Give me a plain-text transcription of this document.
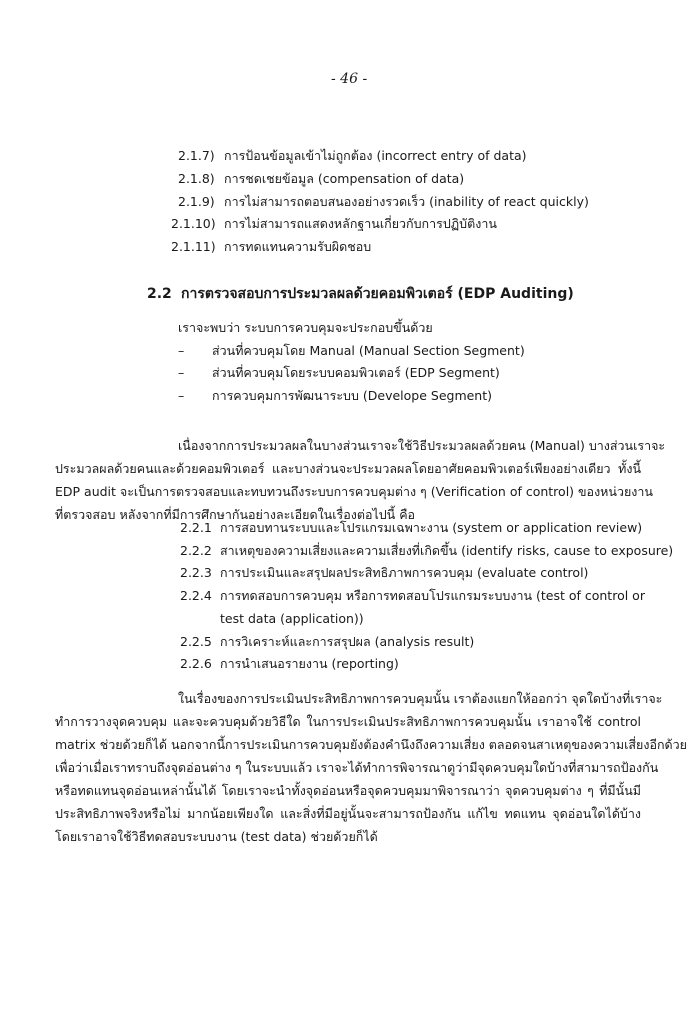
- 46 -
2.1.7) การป้อนข้อมูลเข้าไม่ถูกต้อง (incorrect entry of data)
2.1.8) การชดเชยข้อมูล (compensation of data)
2.1.9) การไม่สามารถตอบสนองอย่างรวดเร็ว (inability of react quickly)
2.1.10) การไม่สามารถแสดงหลักฐานเกี่ยวกับการปฏิบัติงาน
2.1.11) การทดแทนความรับผิดชอบ
2.2 การตรวจสอบการประมวลผลด้วยคอมพิวเตอร์ (EDP Auditing)
เราจะพบว่า ระบบการควบคุมจะประกอบขึ้นด้วย
– ส่วนที่ควบคุมโดย Manual (Manual Section Segment)
– ส่วนที่ควบคุมโดยระบบคอมพิวเตอร์ (EDP Segment)
– การควบคุมการพัฒนาระบบ (Develope Segment)
เนื่องจากการประมวลผลในบางส่วนเราจะใช้วิธีประมวลผลด้วยคน (Manual) บางส่วนเราจะ
ประมวลผลด้วยคนและด้วยคอมพิวเตอร์ และบางส่วนจะประมวลผลโดยอาศัยคอมพิวเตอร์เพียงอย่างเดียว ทั้งนี้
EDP audit จะเป็นการตรวจสอบและทบทวนถึงระบบการควบคุมต่าง ๆ (Verification of control) ของหน่วยงาน
ที่ตรวจสอบ หลังจากที่มีการศึกษากันอย่างละเอียดในเรื่องต่อไปนี้ คือ
2.2.1 การสอบทานระบบและโปรแกรมเฉพาะงาน (system or application review)
2.2.2 สาเหตุของความเสี่ยงและความเสี่ยงที่เกิดขึ้น (identify risks, cause to exposure)
2.2.3 การประเมินและสรุปผลประสิทธิภาพการควบคุม (evaluate control)
2.2.4 การทดสอบการควบคุม หรือการทดสอบโปรแกรมระบบงาน (test of control or
test data (application))
2.2.5 การวิเคราะห์และการสรุปผล (analysis result)
2.2.6 การนำเสนอรายงาน (reporting)
ในเรื่องของการประเมินประสิทธิภาพการควบคุมนั้น เราต้องแยกให้ออกว่า จุดใดบ้างที่เราจะ
ทำการวางจุดควบคุม และจะควบคุมด้วยวิธีใด ในการประเมินประสิทธิภาพการควบคุมนั้น เราอาจใช้ control
matrix ช่วยด้วยก็ได้ นอกจากนี้การประเมินการควบคุมยังต้องคำนึงถึงความเสี่ยง ตลอดจนสาเหตุของความเสี่ยงอีกด้วย
เพื่อว่าเมื่อเราทราบถึงจุดอ่อนต่าง ๆ ในระบบแล้ว เราจะได้ทำการพิจารณาดูว่ามีจุดควบคุมใดบ้างที่สามารถป้องกัน
หรือทดแทนจุดอ่อนเหล่านั้นได้ โดยเราจะนำทั้งจุดอ่อนหรือจุดควบคุมมาพิจารณาว่า จุดควบคุมต่าง ๆ ที่มีนั้นมี
ประสิทธิภาพจริงหรือไม่ มากน้อยเพียงใด และสิ่งที่มีอยู่นั้นจะสามารถป้องกัน แก้ไข ทดแทน จุดอ่อนใดได้บ้าง
โดยเราอาจใช้วิธีทดสอบระบบงาน (test data) ช่วยด้วยก็ได้
